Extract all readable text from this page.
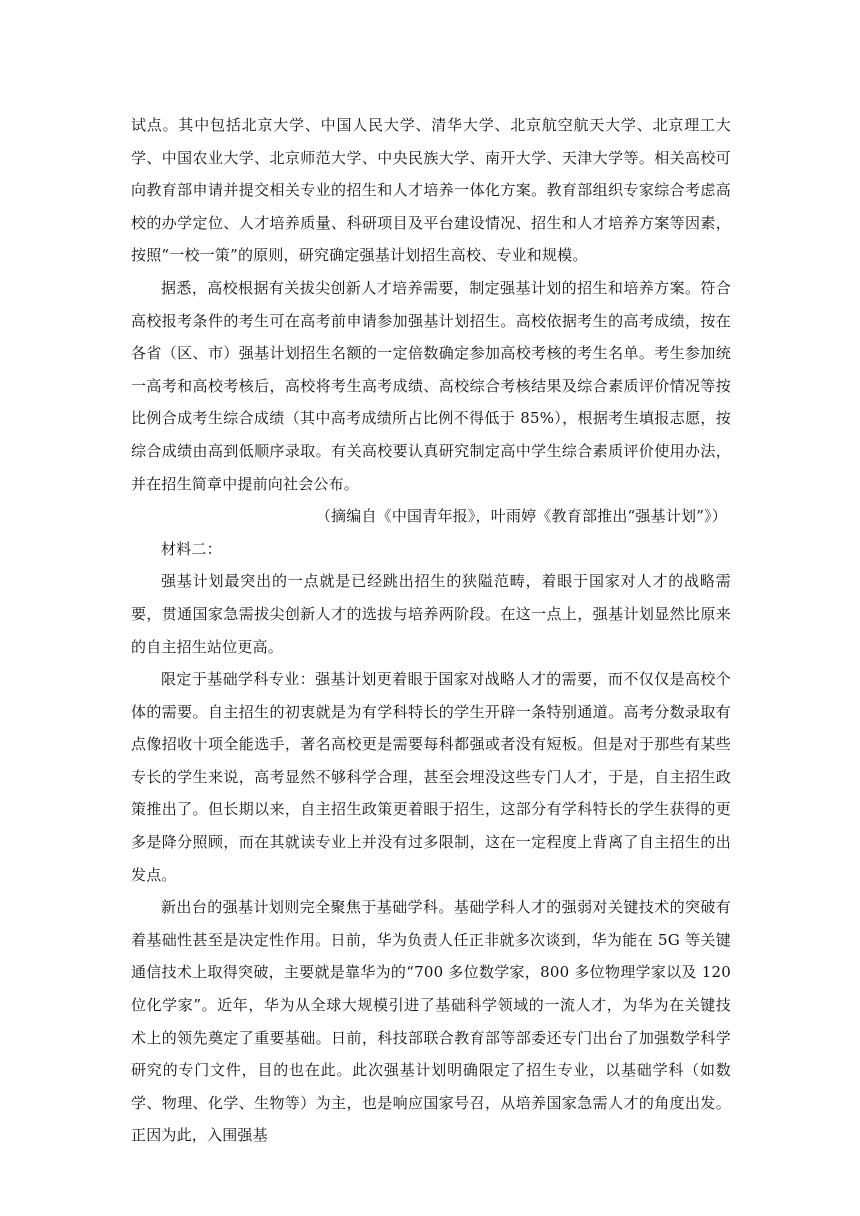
试点。其中包括北京大学、中国人民大学、清华大学、北京航空航天大学、北京理工大学、中国农业大学、北京师范大学、中央民族大学、南开大学、天津大学等。相关高校可向教育部申请并提交相关专业的招生和人才培养一体化方案。教育部组织专家综合考虑高校的办学定位、人才培养质量、科研项目及平台建设情况、招生和人才培养方案等因素，按照“一校一策”的原则，研究确定强基计划招生高校、专业和规模。

据悉，高校根据有关拔尖创新人才培养需要，制定强基计划的招生和培养方案。符合高校报考条件的考生可在高考前申请参加强基计划招生。高校依据考生的高考成绩，按在各省（区、市）强基计划招生名额的一定倍数确定参加高校考核的考生名单。考生参加统一高考和高校考核后，高校将考生高考成绩、高校综合考核结果及综合素质评价情况等按比例合成考生综合成绩（其中高考成绩所占比例不得低于 85%），根据考生填报志愿，按综合成绩由高到低顺序录取。有关高校要认真研究制定高中学生综合素质评价使用办法，并在招生简章中提前向社会公布。

（摘编自《中国青年报》，叶雨婷《教育部推出“强基计划”》）

材料二：

强基计划最突出的一点就是已经跳出招生的狭隘范畴，着眼于国家对人才的战略需要，贯通国家急需拔尖创新人才的选拔与培养两阶段。在这一点上，强基计划显然比原来的自主招生站位更高。

限定于基础学科专业：强基计划更着眼于国家对战略人才的需要，而不仅仅是高校个体的需要。自主招生的初衷就是为有学科特长的学生开辟一条特别通道。高考分数录取有点像招收十项全能选手，著名高校更是需要每科都强或者没有短板。但是对于那些有某些专长的学生来说，高考显然不够科学合理，甚至会埋没这些专门人才，于是，自主招生政策推出了。但长期以来，自主招生政策更着眼于招生，这部分有学科特长的学生获得的更多是降分照顾，而在其就读专业上并没有过多限制，这在一定程度上背离了自主招生的出发点。

新出台的强基计划则完全聚焦于基础学科。基础学科人才的强弱对关键技术的突破有着基础性甚至是决定性作用。日前，华为负责人任正非就多次谈到，华为能在 5G 等关键通信技术上取得突破，主要就是靠华为的“700 多位数学家，800 多位物理学家以及 120 位化学家”。近年，华为从全球大规模引进了基础科学领域的一流人才，为华为在关键技术上的领先奠定了重要基础。日前，科技部联合教育部等部委还专门出台了加强数学科学研究的专门文件，目的也在此。此次强基计划明确限定了招生专业，以基础学科（如数学、物理、化学、生物等）为主，也是响应国家号召，从培养国家急需人才的角度出发。正因为此，入围强基
